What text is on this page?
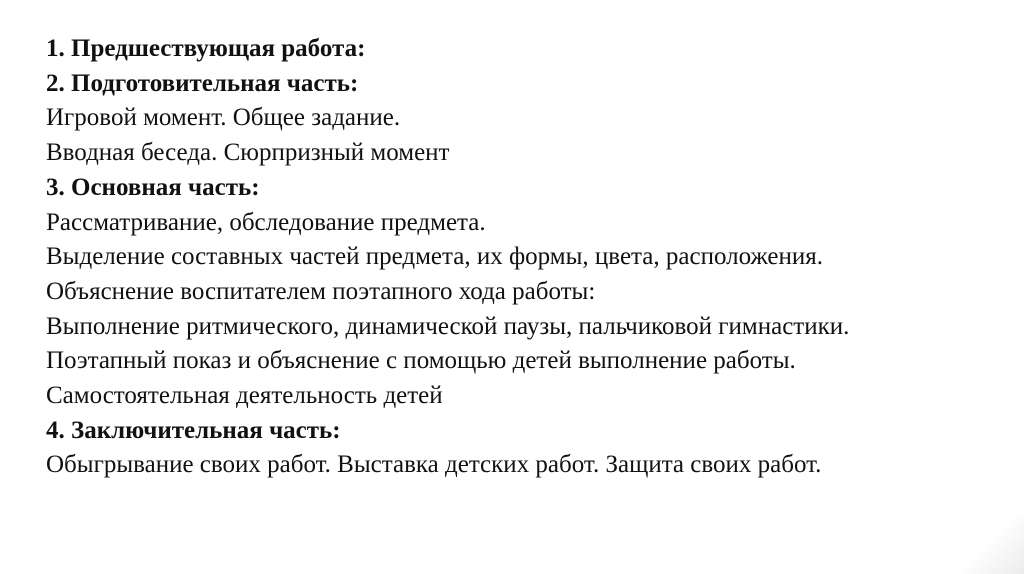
1. Предшествующая работа:

2. Подготовительная часть:

Игровой момент. Общее задание.

Вводная беседа. Сюрпризный момент

3. Основная часть:

Рассматривание, обследование предмета.

Выделение составных частей предмета, их формы, цвета, расположения.

Объяснение воспитателем поэтапного хода работы:

Выполнение ритмического, динамической паузы, пальчиковой гимнастики.

Поэтапный показ и объяснение с помощью детей выполнение работы.

Самостоятельная деятельность детей

4. Заключительная часть:

Обыгрывание своих работ. Выставка детских работ. Защита своих работ.
